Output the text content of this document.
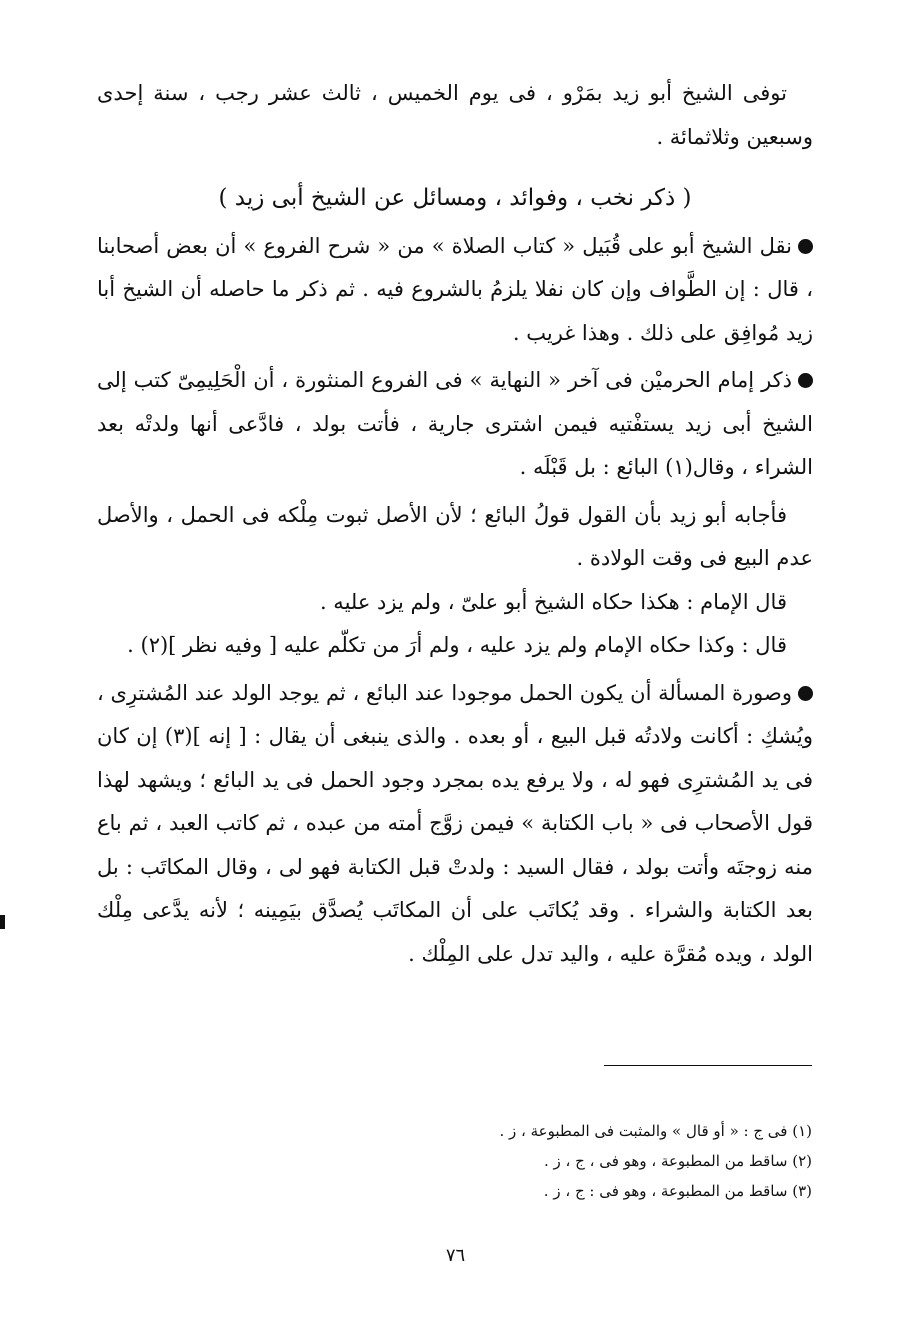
توفى الشيخ أبو زيد بمَرْو ، فى يوم الخميس ، ثالث عشر رجب ، سنة إحدى وسبعين وثلاثمائة .

( ذكر نخب ، وفوائد ، ومسائل عن الشيخ أبى زيد )

نقل الشيخ أبو على قُبَيل « كتاب الصلاة » من « شرح الفروع » أن بعض أصحابنا ، قال : إن الطَّواف وإن كان نفلا يلزمُ بالشروع فيه . ثم ذكر ما حاصله أن الشيخ أبا زيد مُوافِق على ذلك . وهذا غريب .

ذكر إمام الحرميْن فى آخر « النهاية » فى الفروع المنثورة ، أن الْحَلِيمِىّ كتب إلى الشيخ أبى زيد يستفْتيه فيمن اشترى جارية ، فأتت بولد ، فادَّعى أنها ولدتْه بعد الشراء ، وقال(١) البائع : بل قَبْلَه .

فأجابه أبو زيد بأن القول قولُ البائع ؛ لأن الأصل ثبوت مِلْكه فى الحمل ، والأصل عدم البيع فى وقت الولادة .

قال الإمام : هكذا حكاه الشيخ أبو علىّ ، ولم يزد عليه .

قال : وكذا حكاه الإمام ولم يزد عليه ، ولم أرَ من تكلّم عليه [ وفيه نظر ](٢) .

وصورة المسألة أن يكون الحمل موجودا عند البائع ، ثم يوجد الولد عند المُشترِى ، ويُشكِ : أكانت ولادتُه قبل البيع ، أو بعده . والذى ينبغى أن يقال : [ إنه ](٣) إن كان فى يد المُشترِى فهو له ، ولا يرفع يده بمجرد وجود الحمل فى يد البائع ؛ ويشهد لهذا قول الأصحاب فى « باب الكتابة » فيمن زوَّج أمته من عبده ، ثم كاتب العبد ، ثم باع منه زوجتَه وأتت بولد ، فقال السيد : ولدتْ قبل الكتابة فهو لى ، وقال المكاتَب : بل بعد الكتابة والشراء . وقد يُكاتَب على أن المكاتَب يُصدَّق بيَمِينه ؛ لأنه يدَّعى مِلْك الولد ، ويده مُقرَّة عليه ، واليد تدل على المِلْك .

(١) فى ج : « أو قال » والمثبت فى المطبوعة ، ز .

(٢) ساقط من المطبوعة ، وهو فى ، ج ، ز .

(٣) ساقط من المطبوعة ، وهو فى : ج ، ز .

٧٦
